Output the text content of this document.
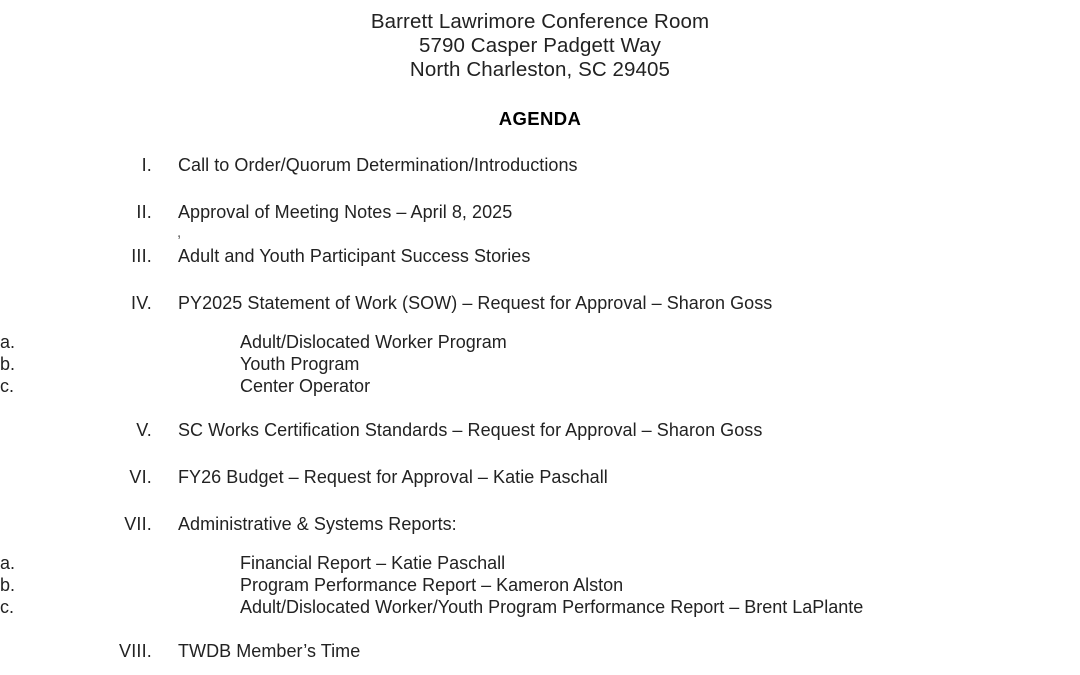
Barrett Lawrimore Conference Room
5790 Casper Padgett Way
North Charleston, SC 29405
AGENDA
,
I.	Call to Order/Quorum Determination/Introductions
II.	Approval of Meeting Notes – April 8, 2025
III.	Adult and Youth Participant Success Stories
IV.	PY2025 Statement of Work (SOW) – Request for Approval – Sharon Goss
a.	Adult/Dislocated Worker Program
b.	Youth Program
c.	Center Operator
V.	SC Works Certification Standards – Request for Approval – Sharon Goss
VI.	FY26 Budget – Request for Approval – Katie Paschall
VII.	Administrative & Systems Reports:
a.	Financial Report – Katie Paschall
b.	Program Performance Report – Kameron Alston
c.	Adult/Dislocated Worker/Youth Program Performance Report – Brent LaPlante
VIII.	TWDB Member’s Time
